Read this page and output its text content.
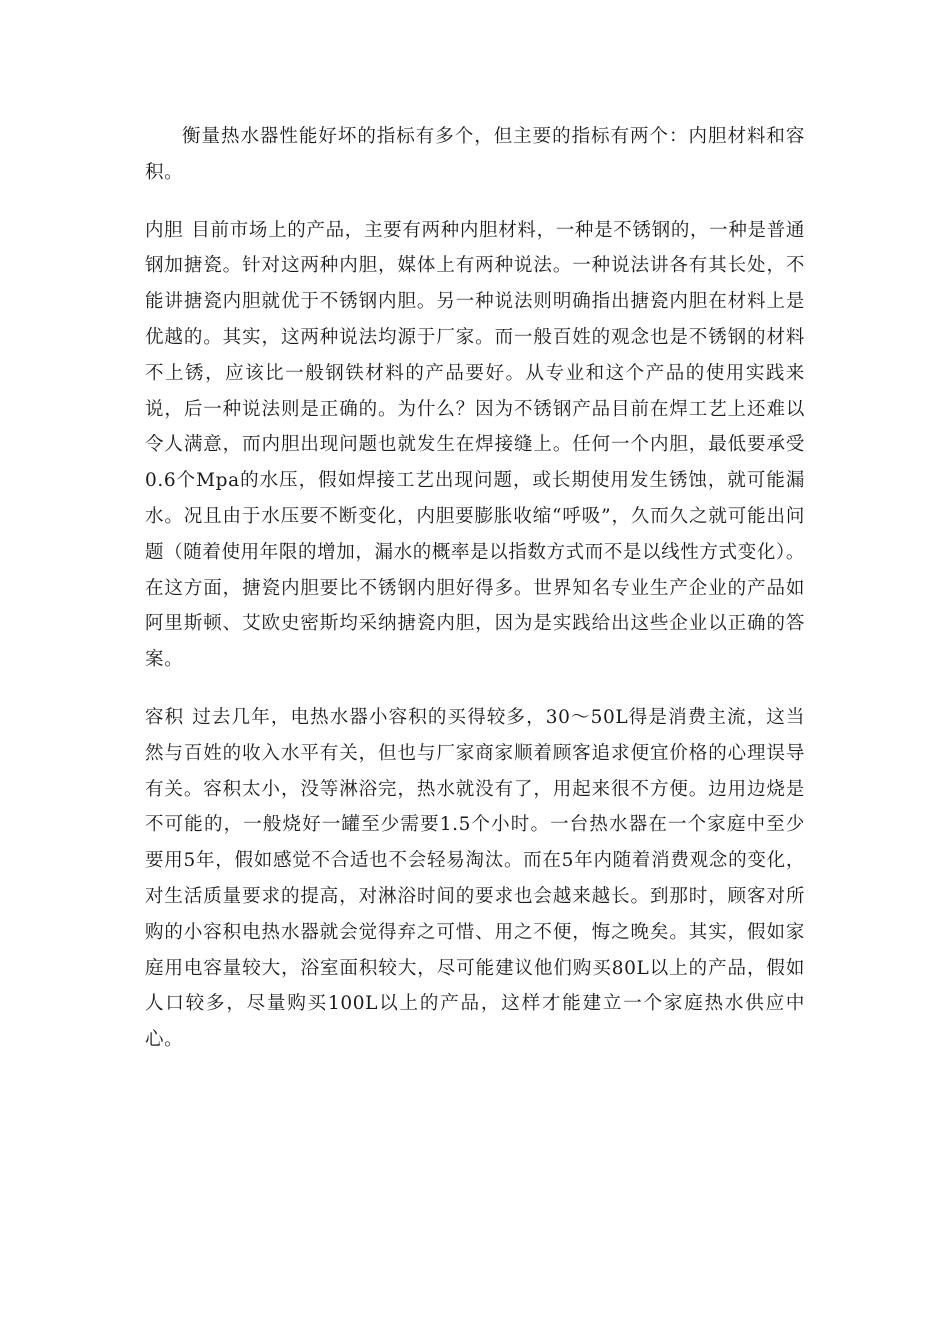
衡量热水器性能好坏的指标有多个，但主要的指标有两个：内胆材料和容积。

内胆 目前市场上的产品，主要有两种内胆材料，一种是不锈钢的，一种是普通钢加搪瓷。针对这两种内胆，媒体上有两种说法。一种说法讲各有其长处，不能讲搪瓷内胆就优于不锈钢内胆。另一种说法则明确指出搪瓷内胆在材料上是优越的。其实，这两种说法均源于厂家。而一般百姓的观念也是不锈钢的材料不上锈，应该比一般钢铁材料的产品要好。从专业和这个产品的使用实践来说，后一种说法则是正确的。为什么？因为不锈钢产品目前在焊工艺上还难以令人满意，而内胆出现问题也就发生在焊接缝上。任何一个内胆，最低要承受0.6个Mpa的水压，假如焊接工艺出现问题，或长期使用发生锈蚀，就可能漏水。况且由于水压要不断变化，内胆要膨胀收缩“呼吸”，久而久之就可能出问题（随着使用年限的增加，漏水的概率是以指数方式而不是以线性方式变化）。在这方面，搪瓷内胆要比不锈钢内胆好得多。世界知名专业生产企业的产品如阿里斯顿、艾欧史密斯均采纳搪瓷内胆，因为是实践给出这些企业以正确的答案。

容积 过去几年，电热水器小容积的买得较多，30～50L得是消费主流，这当然与百姓的收入水平有关，但也与厂家商家顺着顾客追求便宜价格的心理误导有关。容积太小，没等淋浴完，热水就没有了，用起来很不方便。边用边烧是不可能的，一般烧好一罐至少需要1.5个小时。一台热水器在一个家庭中至少要用5年，假如感觉不合适也不会轻易淘汰。而在5年内随着消费观念的变化，对生活质量要求的提高，对淋浴时间的要求也会越来越长。到那时，顾客对所购的小容积电热水器就会觉得弃之可惜、用之不便，悔之晚矣。其实，假如家庭用电容量较大，浴室面积较大，尽可能建议他们购买80L以上的产品，假如人口较多，尽量购买100L以上的产品，这样才能建立一个家庭热水供应中心。
